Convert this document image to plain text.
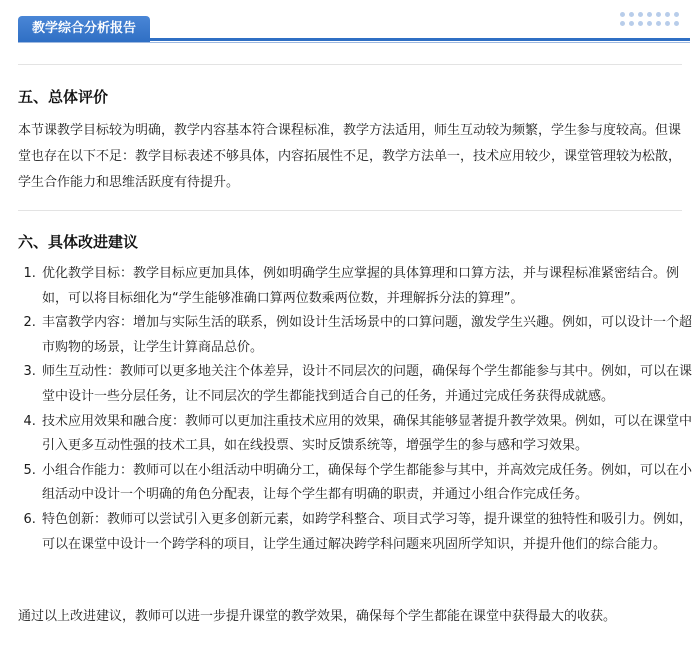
教学综合分析报告
五、总体评价
本节课教学目标较为明确，教学内容基本符合课程标准，教学方法适用，师生互动较为频繁，学生参与度较高。但课堂也存在以下不足：教学目标表述不够具体，内容拓展性不足，教学方法单一，技术应用较少，课堂管理较为松散，学生合作能力和思维活跃度有待提升。
六、具体改进建议
1. 优化教学目标：教学目标应更加具体，例如明确学生应掌握的具体算理和口算方法，并与课程标准紧密结合。例如，可以将目标细化为“学生能够准确口算两位数乘两位数，并理解拆分法的算理”。
2. 丰富教学内容：增加与实际生活的联系，例如设计生活场景中的口算问题，激发学生兴趣。例如，可以设计一个超市购物的场景，让学生计算商品总价。
3. 师生互动性：教师可以更多地关注个体差异，设计不同层次的问题，确保每个学生都能参与其中。例如，可以在课堂中设计一些分层任务，让不同层次的学生都能找到适合自己的任务，并通过完成任务获得成就感。
4. 技术应用效果和融合度：教师可以更加注重技术应用的效果，确保其能够显著提升教学效果。例如，可以在课堂中引入更多互动性强的技术工具，如在线投票、实时反馈系统等，增强学生的参与感和学习效果。
5. 小组合作能力：教师可以在小组活动中明确分工，确保每个学生都能参与其中，并高效完成任务。例如，可以在小组活动中设计一个明确的角色分配表，让每个学生都有明确的职责，并通过小组合作完成任务。
6. 特色创新：教师可以尝试引入更多创新元素，如跨学科整合、项目式学习等，提升课堂的独特性和吸引力。例如，可以在课堂中设计一个跨学科的项目，让学生通过解决跨学科问题来巩固所学知识，并提升他们的综合能力。
通过以上改进建议，教师可以进一步提升课堂的教学效果，确保每个学生都能在课堂中获得最大的收获。
